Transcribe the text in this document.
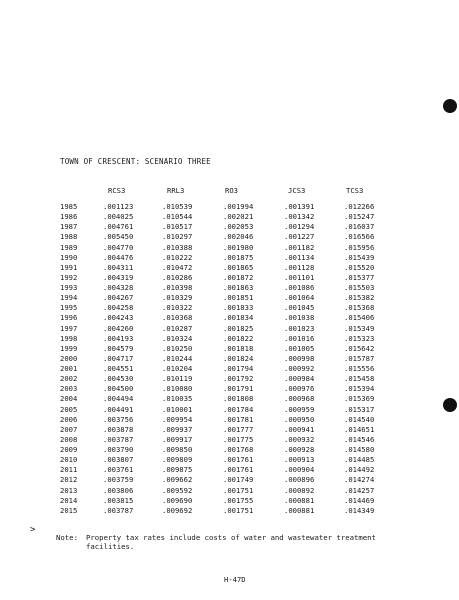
TOWN OF CRESCENT: SCENARIO THREE
RCS3	RRL3	RO3	JCS3	TCS3
1985	.001123	.010539	.001994	.001391	.012266
1986	.004025	.010544	.002021	.001342	.015247
1987	.004761	.010517	.002053	.001294	.016037
1988	.005450	.010297	.002046	.001227	.016566
1989	.004770	.010388	.001980	.001182	.015956
1990	.004476	.010222	.001875	.001134	.015439
1991	.004311	.010472	.001865	.001128	.015520
1992	.004319	.010286	.001872	.001101	.015377
1993	.004328	.010398	.001863	.001086	.015503
1994	.004267	.010329	.001851	.001064	.015382
1995	.004258	.010322	.001833	.001045	.015368
1996	.004243	.010368	.001834	.001038	.015406
1997	.004260	.010287	.001825	.001023	.015349
1998	.004193	.010324	.001822	.001016	.015323
1999	.004579	.010250	.001818	.001005	.015642
2000	.004717	.010244	.001824	.000998	.015787
2001	.004551	.010204	.001794	.000992	.015556
2002	.004530	.010119	.001792	.000984	.015458
2003	.004500	.010080	.001791	.000976	.015394
2004	.004494	.010035	.001808	.000968	.015369
2005	.004491	.010001	.001784	.000959	.015317
2006	.003756	.009954	.001781	.000950	.014540
2007	.003878	.009937	.001777	.000941	.014651
2008	.003787	.009917	.001775	.000932	.014546
2009	.003790	.009850	.001768	.000928	.014580
2010	.003807	.009809	.001761	.000913	.014485
2011	.003761	.009875	.001761	.000904	.014492
2012	.003759	.009662	.001749	.000896	.014274
2013	.003806	.009592	.001751	.000892	.014257
2014	.003815	.009690	.001755	.000881	.014469
2015	.003787	.009692	.001751	.000881	.014349
>
Note: Property tax rates include costs of water and wastewater treatment
facilities.
H-47D
